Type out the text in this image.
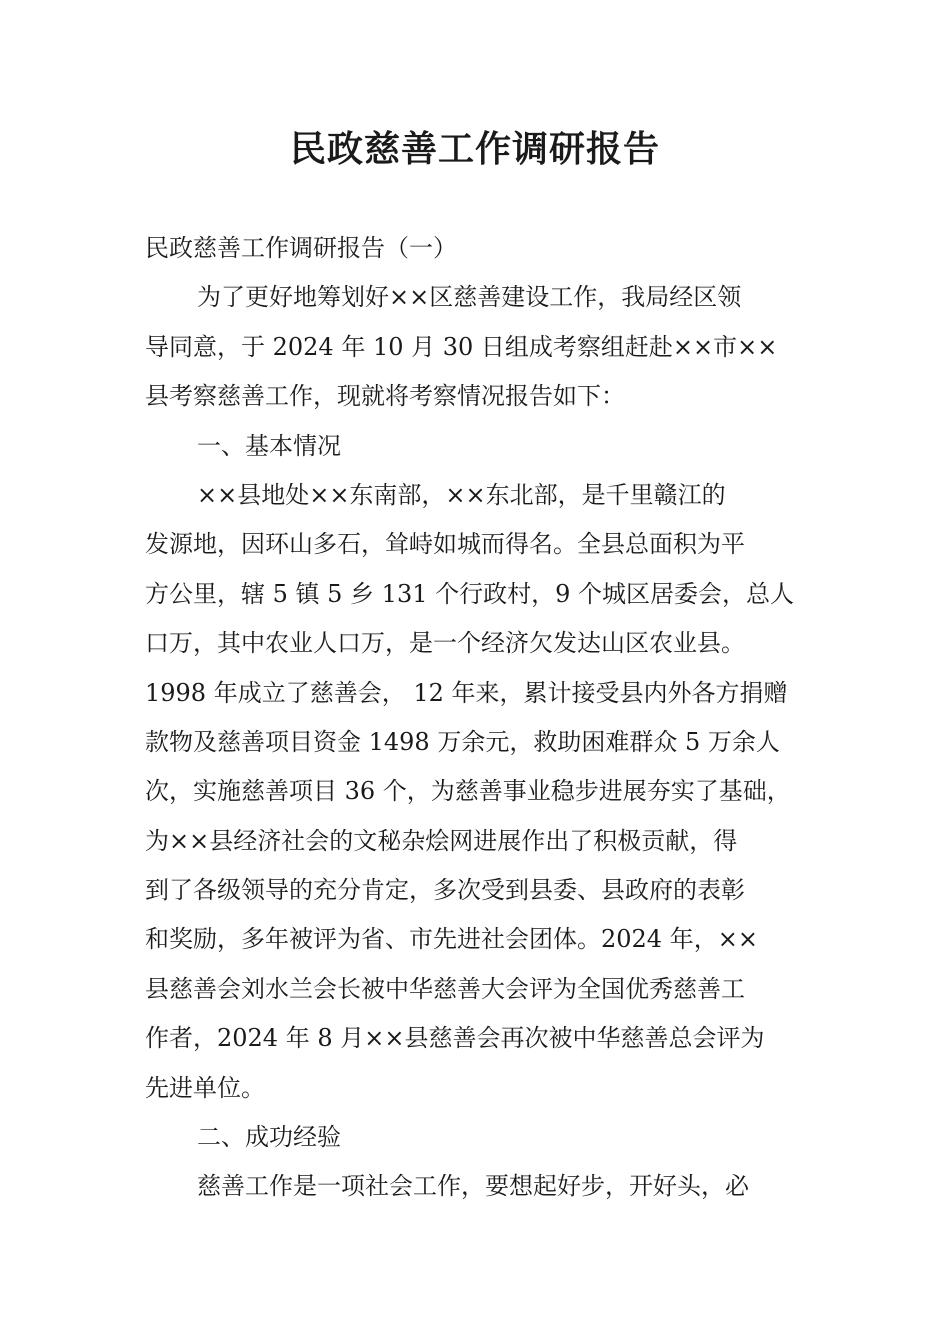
民政慈善工作调研报告
民政慈善工作调研报告（一）
为了更好地筹划好××区慈善建设工作，我局经区领
导同意，于 2024 年 10 月 30 日组成考察组赶赴××市××
县考察慈善工作，现就将考察情况报告如下：
一、基本情况
××县地处××东南部，××东北部，是千里赣江的
发源地，因环山多石，耸峙如城而得名。全县总面积为平
方公里，辖 5 镇 5 乡 131 个行政村，9 个城区居委会，总人
口万，其中农业人口万，是一个经济欠发达山区农业县。
1998 年成立了慈善会， 12 年来，累计接受县内外各方捐赠
款物及慈善项目资金 1498 万余元，救助困难群众 5 万余人
次，实施慈善项目 36 个，为慈善事业稳步进展夯实了基础，
为××县经济社会的文秘杂烩网进展作出了积极贡献，得
到了各级领导的充分肯定，多次受到县委、县政府的表彰
和奖励，多年被评为省、市先进社会团体。2024 年，××
县慈善会刘水兰会长被中华慈善大会评为全国优秀慈善工
作者，2024 年 8 月××县慈善会再次被中华慈善总会评为
先进单位。
二、成功经验
慈善工作是一项社会工作，要想起好步，开好头，必
